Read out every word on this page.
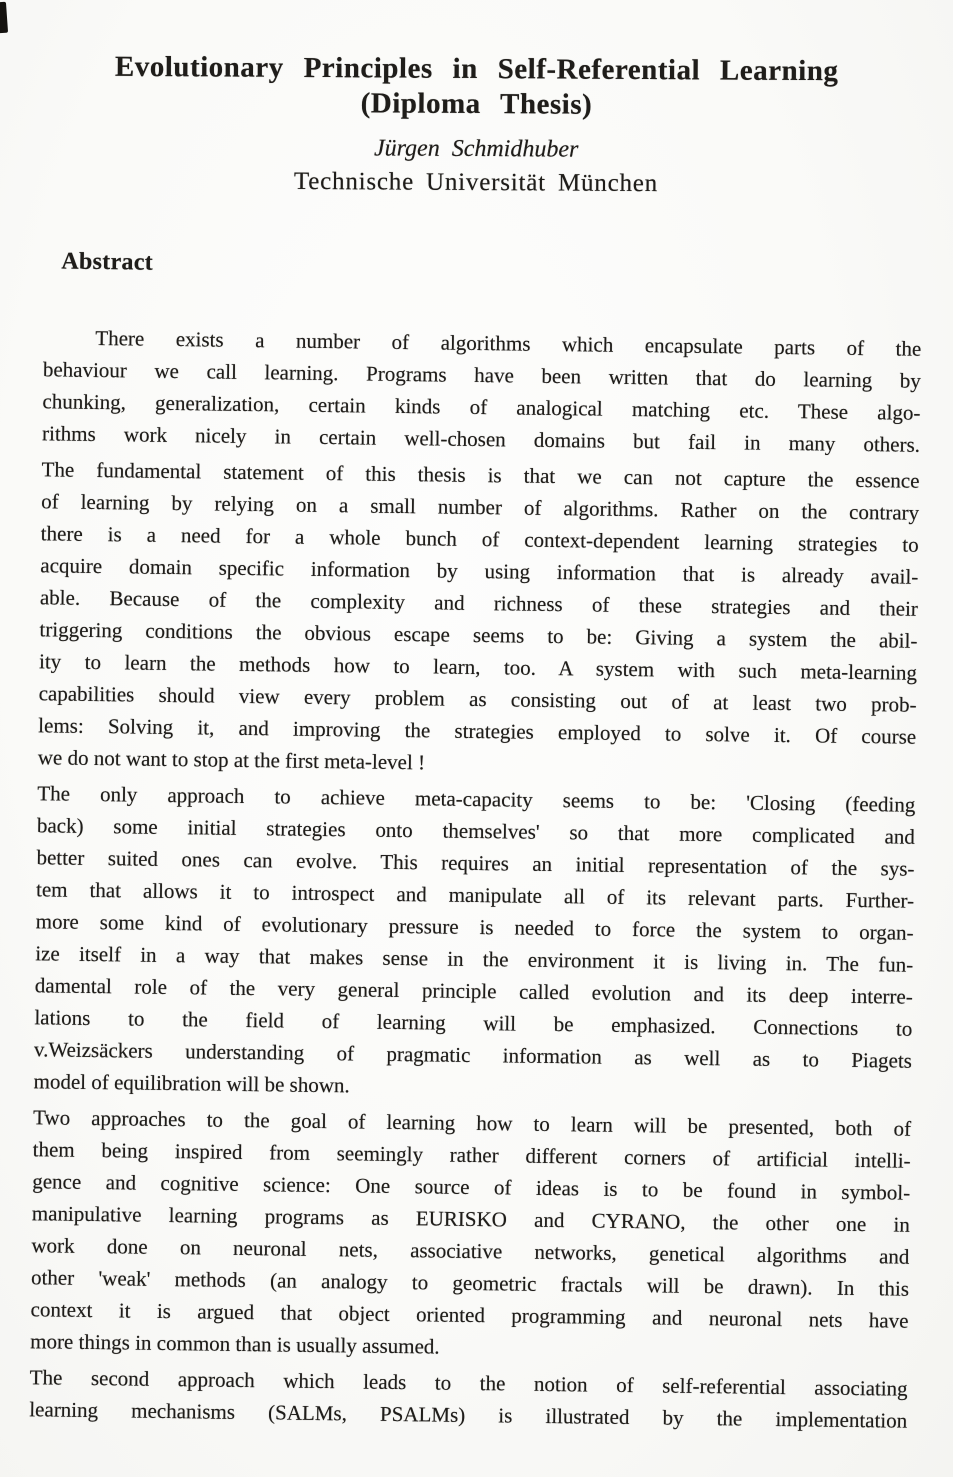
Evolutionary Principles in Self-Referential Learning
(Diploma Thesis)
Jürgen Schmidhuber
Technische Universität München
Abstract

There exists a number of algorithms which encapsulate parts of the
behaviour we call learning. Programs have been written that do learning by
chunking, generalization, certain kinds of analogical matching etc. These algo-
rithms work nicely in certain well-chosen domains but fail in many others.

The fundamental statement of this thesis is that we can not capture the essence
of learning by relying on a small number of algorithms. Rather on the contrary
there is a need for a whole bunch of context-dependent learning strategies to
acquire domain specific information by using information that is already avail-
able. Because of the complexity and richness of these strategies and their
triggering conditions the obvious escape seems to be: Giving a system the abil-
ity to learn the methods how to learn, too. A system with such meta-learning
capabilities should view every problem as consisting out of at least two prob-
lems: Solving it, and improving the strategies employed to solve it. Of course
we do not want to stop at the first meta-level !

The only approach to achieve meta-capacity seems to be: 'Closing (feeding
back) some initial strategies onto themselves' so that more complicated and
better suited ones can evolve. This requires an initial representation of the sys-
tem that allows it to introspect and manipulate all of its relevant parts. Further-
more some kind of evolutionary pressure is needed to force the system to organ-
ize itself in a way that makes sense in the environment it is living in. The fun-
damental role of the very general principle called evolution and its deep interre-
lations to the field of learning will be emphasized. Connections to
v.Weizsäckers understanding of pragmatic information as well as to Piagets
model of equilibration will be shown.

Two approaches to the goal of learning how to learn will be presented, both of
them being inspired from seemingly rather different corners of artificial intelli-
gence and cognitive science: One source of ideas is to be found in symbol-
manipulative learning programs as EURISKO and CYRANO, the other one in
work done on neuronal nets, associative networks, genetical algorithms and
other 'weak' methods (an analogy to geometric fractals will be drawn). In this
context it is argued that object oriented programming and neuronal nets have
more things in common than is usually assumed.

The second approach which leads to the notion of self-referential associating
learning mechanisms (SALMs, PSALMs) is illustrated by the implementation
